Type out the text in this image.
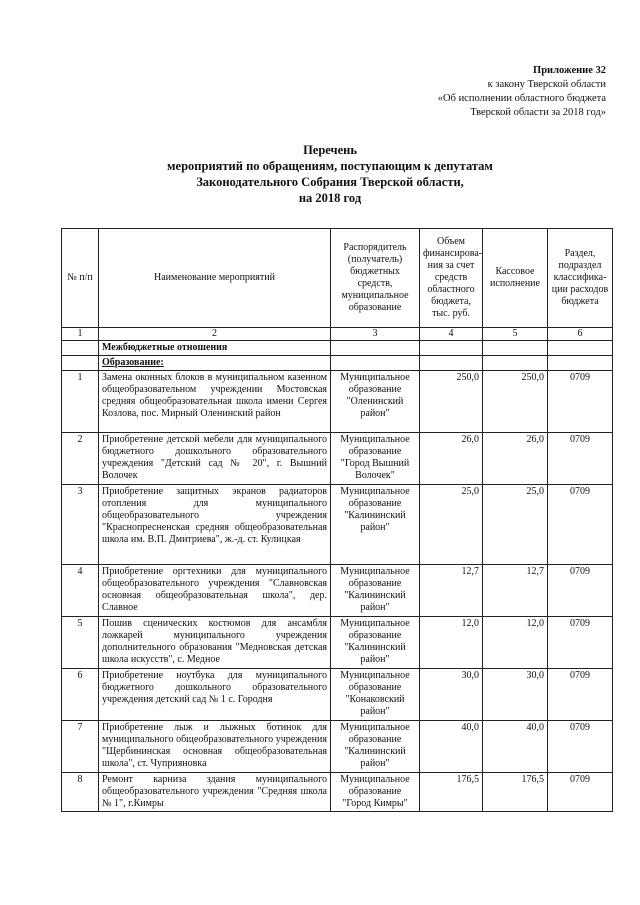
Приложение 32
к закону Тверской области
«Об исполнении областного бюджета
Тверской области за 2018 год»
Перечень
мероприятий по обращениям, поступающим к депутатам
Законодательного Собрания Тверской области,
на 2018 год
№ п/п	Наименование мероприятий	Распорядитель (получатель) бюджетных средств, муниципальное образование	Объем финансирова-ния за счет средств областного бюджета, тыс. руб.	Кассовое исполнение	Раздел, подраздел классифика-ции расходов бюджета
1	2	3	4	5	6
	Межбюджетные отношения				
	Образование:				
1	Замена оконных блоков в муниципальном казенном общеобразовательном учреждении Мостовская средняя общеобразовательная школа имени Сергея Козлова, пос. Мирный Оленинский район	Муниципальное образование "Оленинский район"	250,0	250,0	0709
2	Приобретение детской мебели для муниципального бюджетного дошкольного образовательного учреждения "Детский сад № 20", г. Вышний Волочек	Муниципальное образование "Город Вышний Волочек"	26,0	26,0	0709
3	Приобретение защитных экранов радиаторов отопления для муниципального общеобразовательного учреждения "Краснопресненская средняя общеобразовательная школа им. В.П. Дмитриева", ж.-д. ст. Кулицкая	Муниципальное образование "Калининский район"	25,0	25,0	0709
4	Приобретение оргтехники для муниципального общеобразовательного учреждения "Славновская основная общеобразовательная школа", дер. Славное	Муниципальное образование "Калининский район"	12,7	12,7	0709
5	Пошив сценических костюмов для ансамбля ложкарей муниципального учреждения дополнительного образования "Медновская детская школа искусств", с. Медное	Муниципальное образование "Калининский район"	12,0	12,0	0709
6	Приобретение ноутбука для муниципального бюджетного дошкольного образовательного учреждения детский сад № 1 с. Городня	Муниципальное образование "Конаковский район"	30,0	30,0	0709
7	Приобретение лыж и лыжных ботинок для муниципального общеобразовательного учреждения "Щербининская основная общеобразовательная школа", ст. Чуприяновка	Муниципальное образование "Калининский район"	40,0	40,0	0709
8	Ремонт карниза здания муниципального общеобразовательного учреждения "Средняя школа № 1", г.Кимры	Муниципальное образование "Город Кимры"	176,5	176,5	0709
